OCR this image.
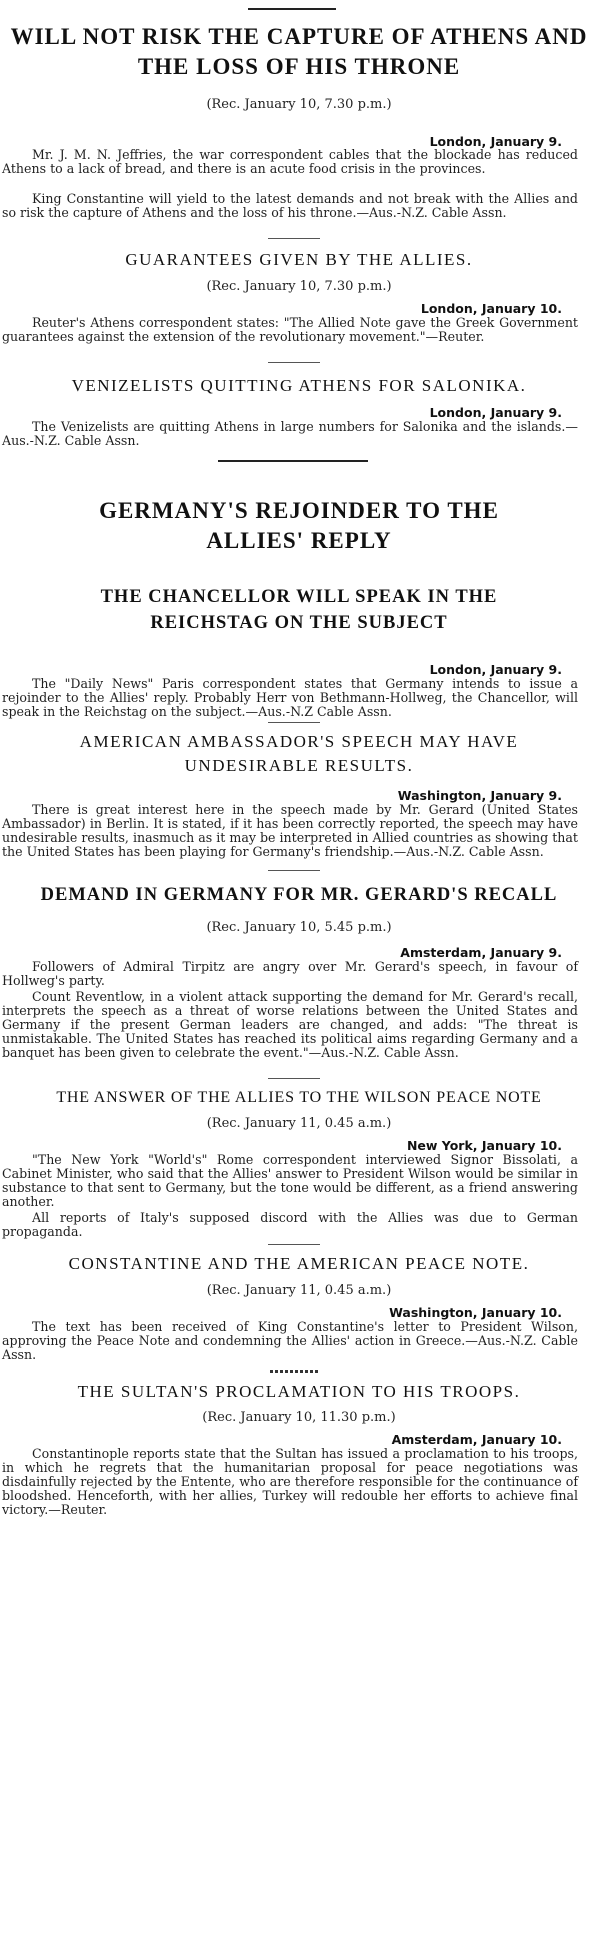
WILL NOT RISK THE CAPTURE OF ATHENS AND THE LOSS OF HIS THRONE
(Rec. January 10, 7.30 p.m.)
London, January 9.
Mr. J. M. N. Jeffries, the war correspondent cables that the blockade has reduced Athens to a lack of bread, and there is an acute food crisis in the provinces.
King Constantine will yield to the latest demands and not break with the Allies and so risk the capture of Athens and the loss of his throne.—Aus.-N.Z. Cable Assn.
GUARANTEES GIVEN BY THE ALLIES.
(Rec. January 10, 7.30 p.m.)
London, January 10.
Reuter's Athens correspondent states: "The Allied Note gave the Greek Government guarantees against the extension of the revolutionary movement."—Reuter.
VENIZELISTS QUITTING ATHENS FOR SALONIKA.
London, January 9.
The Venizelists are quitting Athens in large numbers for Salonika and the islands.—Aus.-N.Z. Cable Assn.
GERMANY'S REJOINDER TO THE ALLIES' REPLY
THE CHANCELLOR WILL SPEAK IN THE REICHSTAG ON THE SUBJECT
London, January 9.
The "Daily News" Paris correspondent states that Germany intends to issue a rejoinder to the Allies' reply. Probably Herr von Bethmann-Hollweg, the Chancellor, will speak in the Reichstag on the subject.—Aus.-N.Z Cable Assn.
AMERICAN AMBASSADOR'S SPEECH MAY HAVE UNDESIRABLE RESULTS.
Washington, January 9.
There is great interest here in the speech made by Mr. Gerard (United States Ambassador) in Berlin. It is stated, if it has been correctly reported, the speech may have undesirable results, inasmuch as it may be interpreted in Allied countries as showing that the United States has been playing for Germany's friendship.—Aus.-N.Z. Cable Assn.
DEMAND IN GERMANY FOR MR. GERARD'S RECALL
(Rec. January 10, 5.45 p.m.)
Amsterdam, January 9.
Followers of Admiral Tirpitz are angry over Mr. Gerard's speech, in favour of Hollweg's party.
Count Reventlow, in a violent attack supporting the demand for Mr. Gerard's recall, interprets the speech as a threat of worse relations between the United States and Germany if the present German leaders are changed, and adds: "The threat is unmistakable. The United States has reached its political aims regarding Germany and a banquet has been given to celebrate the event."—Aus.-N.Z. Cable Assn.
THE ANSWER OF THE ALLIES TO THE WILSON PEACE NOTE
(Rec. January 11, 0.45 a.m.)
New York, January 10.
"The New York "World's" Rome correspondent interviewed Signor Bissolati, a Cabinet Minister, who said that the Allies' answer to President Wilson would be similar in substance to that sent to Germany, but the tone would be different, as a friend answering another.
All reports of Italy's supposed discord with the Allies was due to German propaganda.
CONSTANTINE AND THE AMERICAN PEACE NOTE.
(Rec. January 11, 0.45 a.m.)
Washington, January 10.
The text has been received of King Constantine's letter to President Wilson, approving the Peace Note and condemning the Allies' action in Greece.—Aus.-N.Z. Cable Assn.
THE SULTAN'S PROCLAMATION TO HIS TROOPS.
(Rec. January 10, 11.30 p.m.)
Amsterdam, January 10.
Constantinople reports state that the Sultan has issued a proclamation to his troops, in which he regrets that the humanitarian proposal for peace negotiations was disdainfully rejected by the Entente, who are therefore responsible for the continuance of bloodshed. Henceforth, with her allies, Turkey will redouble her efforts to achieve final victory.—Reuter.
